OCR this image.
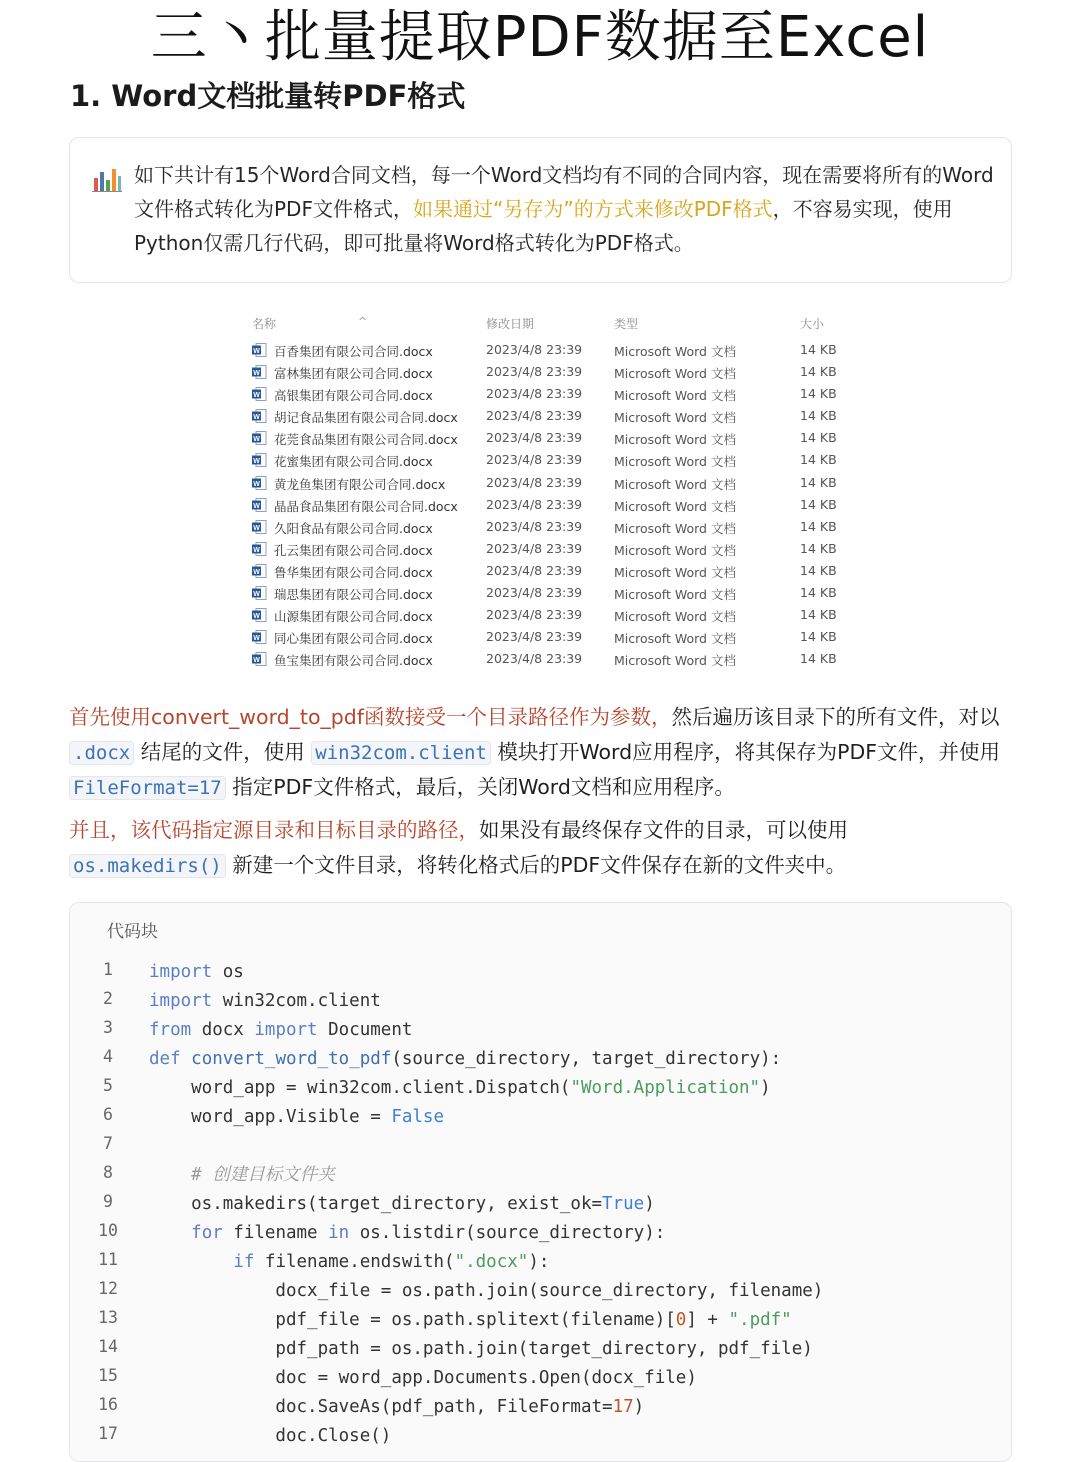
三丶批量提取PDF数据至Excel
1. Word文档批量转PDF格式
如下共计有15个Word合同文档，每一个Word文档均有不同的合同内容，现在需要将所有的Word文件格式转化为PDF文件格式，如果通过“另存为”的方式来修改PDF格式，不容易实现，使用Python仅需几行代码，即可批量将Word格式转化为PDF格式。
名称	^	修改日期	类型	大小
W 百香集团有限公司合同.docx	2023/4/8 23:39	Microsoft Word 文档	14 KB
W 富林集团有限公司合同.docx	2023/4/8 23:39	Microsoft Word 文档	14 KB
W 高银集团有限公司合同.docx	2023/4/8 23:39	Microsoft Word 文档	14 KB
W 胡记食品集团有限公司合同.docx 2023/4/8 23:39	Microsoft Word 文档	14 KB
W 花莞食品集团有限公司合同.docx 2023/4/8 23:39	Microsoft Word 文档	14 KB
W 花蜜集团有限公司合同.docx	2023/4/8 23:39	Microsoft Word 文档	14 KB
W 黄龙鱼集团有限公司合同.docx	2023/4/8 23:39	Microsoft Word 文档	14 KB
W 晶晶食品集团有限公司合同.docx 2023/4/8 23:39	Microsoft Word 文档	14 KB
W 久阳食品有限公司合同.docx	2023/4/8 23:39	Microsoft Word 文档	14 KB
W 孔云集团有限公司合同.docx	2023/4/8 23:39	Microsoft Word 文档	14 KB
W 鲁华集团有限公司合同.docx	2023/4/8 23:39	Microsoft Word 文档	14 KB
W 瑞思集团有限公司合同.docx	2023/4/8 23:39	Microsoft Word 文档	14 KB
W 山源集团有限公司合同.docx	2023/4/8 23:39	Microsoft Word 文档	14 KB
W 同心集团有限公司合同.docx	2023/4/8 23:39	Microsoft Word 文档	14 KB
W 鱼宝集团有限公司合同.docx	2023/4/8 23:39	Microsoft Word 文档	14 KB
首先使用convert_word_to_pdf函数接受一个目录路径作为参数，然后遍历该目录下的所有文件，对以 .docx 结尾的文件，使用 win32com.client 模块打开Word应用程序，将其保存为PDF文件，并使用 FileFormat=17 指定PDF文件格式，最后，关闭Word文档和应用程序。
并且，该代码指定源目录和目标目录的路径，如果没有最终保存文件的目录，可以使用
os.makedirs() 新建一个文件目录，将转化格式后的PDF文件保存在新的文件夹中。
代码块
1	import os
2	import win32com.client
3	from docx import Document
4	def convert_word_to_pdf(source_directory, target_directory):
5	word_app = win32com.client.Dispatch("Word.Application")
6	word_app.Visible = False
7
8	# 创建目标文件夹
9	os.makedirs(target_directory, exist_ok=True)
10	for filename in os.listdir(source_directory):
11	if filename.endswith(".docx"):
12 docx_file = os.path.join(source_directory, filename)
13 pdf_file = os.path.splitext(filename)[0] + ".pdf"
14 pdf_path = os.path.join(target_directory, pdf_file)
15 doc = word_app.Documents.Open(docx_file)
16 doc.SaveAs(pdf_path, FileFormat=17)
17 doc.Close()
